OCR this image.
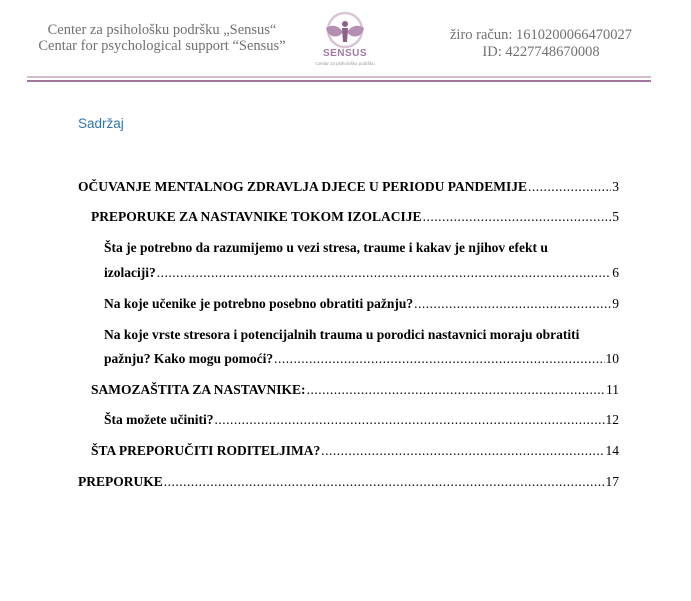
Center za psihološku podršku „Sensus“
Centar for psychological support “Sensus”	SENSUS
Centar za psihološku podršku
žiro račun: 1610200066470027
ID: 4227748670008
Sadržaj
OČUVANJE MENTALNOG ZDRAVLJA DJECE U PERIODU PANDEMIJE .....	3
PREPORUKE ZA NASTAVNIKE TOKOM IZOLACIJE .....	5
Šta je potrebno da razumijemo u vezi stresa, traume i kakav je njihov efekt u
izolaciji? .....	6
Na koje učenike je potrebno posebno obratiti pažnju? .....	9
Na koje vrste stresora i potencijalnih trauma u porodici nastavnici moraju obratiti
pažnju? Kako mogu pomoći? .....	10
SAMOZAŠTITA ZA NASTAVNIKE: .....	11
Šta možete učiniti? .....	12
ŠTA PREPORUČITI RODITELJIMA? .....	14
PREPORUKE .....	17
